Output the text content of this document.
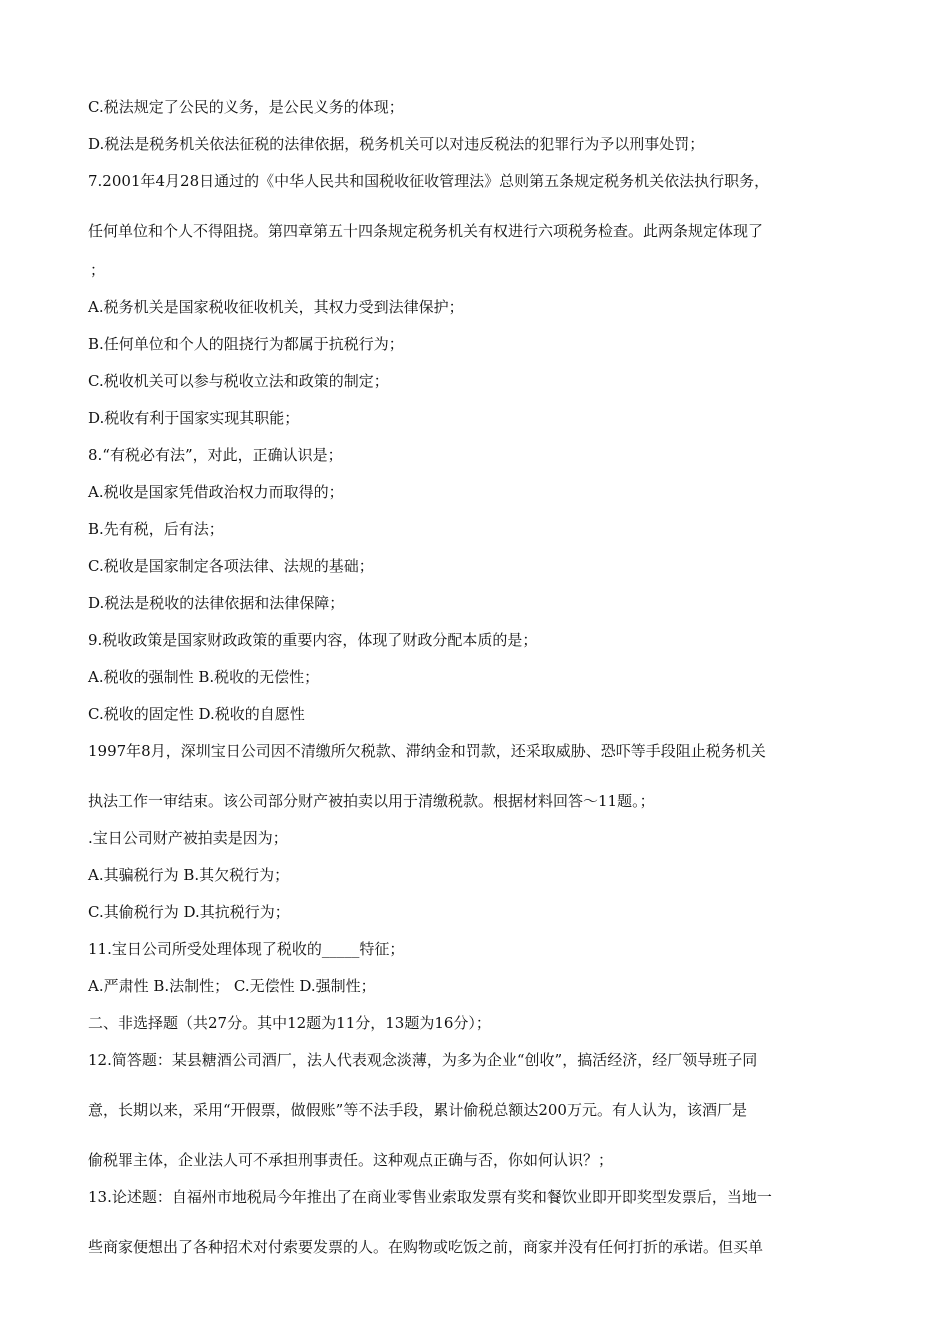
C.税法规定了公民的义务，是公民义务的体现；

D.税法是税务机关依法征税的法律依据，税务机关可以对违反税法的犯罪行为予以刑事处罚；

7.2001年4月28日通过的《中华人民共和国税收征收管理法》总则第五条规定税务机关依法执行职务，

任何单位和个人不得阻挠。第四章第五十四条规定税务机关有权进行六项税务检查。此两条规定体现了

；

A.税务机关是国家税收征收机关，其权力受到法律保护；

B.任何单位和个人的阻挠行为都属于抗税行为；

C.税收机关可以参与税收立法和政策的制定；

D.税收有利于国家实现其职能；

8.“有税必有法”，对此，正确认识是；

A.税收是国家凭借政治权力而取得的；

B.先有税，后有法；

C.税收是国家制定各项法律、法规的基础；

D.税法是税收的法律依据和法律保障；

9.税收政策是国家财政政策的重要内容，体现了财政分配本质的是；

A.税收的强制性 B.税收的无偿性；

C.税收的固定性 D.税收的自愿性

1997年8月，深圳宝日公司因不清缴所欠税款、滞纳金和罚款，还采取威胁、恐吓等手段阻止税务机关

执法工作一审结束。该公司部分财产被拍卖以用于清缴税款。根据材料回答～11题。；

.宝日公司财产被拍卖是因为；

A.其骗税行为 B.其欠税行为；

C.其偷税行为 D.其抗税行为；

11.宝日公司所受处理体现了税收的_____特征；

A.严肃性 B.法制性； C.无偿性 D.强制性；

二、非选择题（共27分。其中12题为11分，13题为16分）；

12.简答题：某县糖酒公司酒厂，法人代表观念淡薄，为多为企业“创收”，搞活经济，经厂领导班子同

意，长期以来，采用“开假票，做假账”等不法手段，累计偷税总额达200万元。有人认为，该酒厂是

偷税罪主体，企业法人可不承担刑事责任。这种观点正确与否，你如何认识？；

13.论述题：自福州市地税局今年推出了在商业零售业索取发票有奖和餐饮业即开即奖型发票后，当地一

些商家便想出了各种招术对付索要发票的人。在购物或吃饭之前，商家并没有任何打折的承诺。但买单
